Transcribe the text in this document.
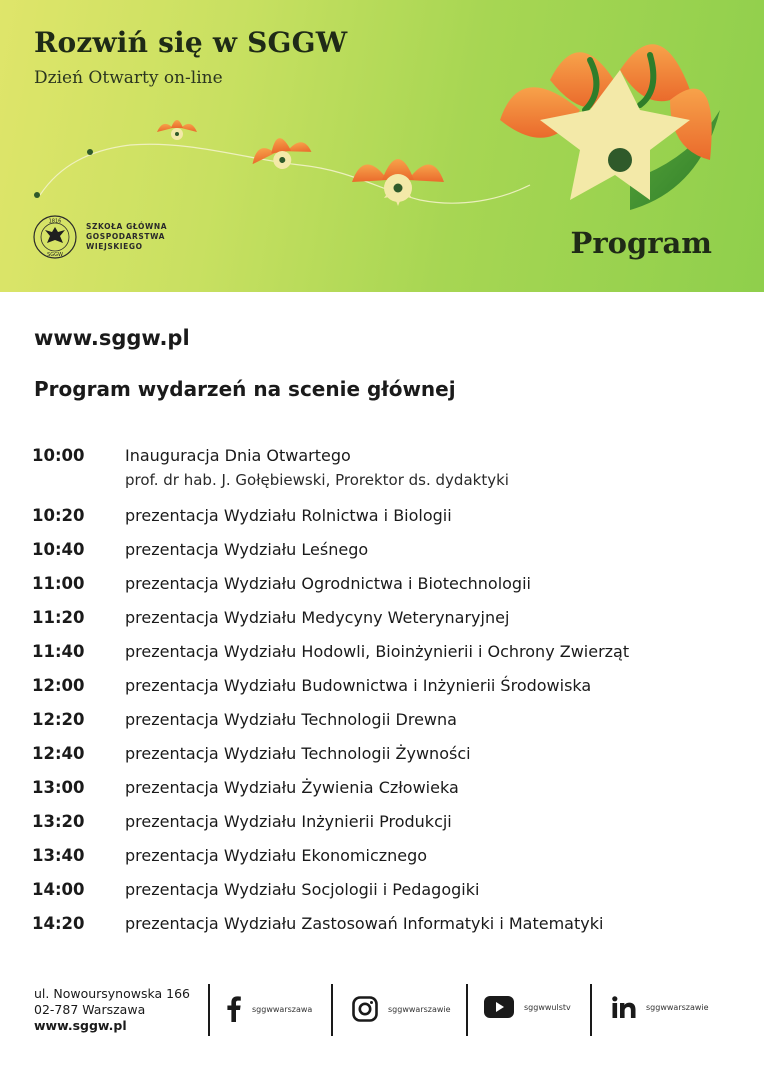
Rozwiń się w SGGW
Dzień Otwarty on-line
Program
1816
SGGW
SZKOŁA GŁÓWNA
GOSPODARSTWA
WIEJSKIEGO
www.sggw.pl
Program wydarzeń na scenie głównej
10:00	Inauguracja Dnia Otwartego
prof. dr hab. J. Gołębiewski, Prorektor ds. dydaktyki
10:20	prezentacja Wydziału Rolnictwa i Biologii
10:40	prezentacja Wydziału Leśnego
11:00	prezentacja Wydziału Ogrodnictwa i Biotechnologii
11:20	prezentacja Wydziału Medycyny Weterynaryjnej
11:40	prezentacja Wydziału Hodowli, Bioinżynierii i Ochrony Zwierząt
12:00	prezentacja Wydziału Budownictwa i Inżynierii Środowiska
12:20	prezentacja Wydziału Technologii Drewna
12:40	prezentacja Wydziału Technologii Żywności
13:00	prezentacja Wydziału Żywienia Człowieka
13:20	prezentacja Wydziału Inżynierii Produkcji
13:40	prezentacja Wydziału Ekonomicznego
14:00	prezentacja Wydziału Socjologii i Pedagogiki
14:20	prezentacja Wydziału Zastosowań Informatyki i Matematyki
ul. Nowoursynowska 166
02-787 Warszawa
www.sggw.pl
sggwwarszawa	sggwwarszawie	sggwwulstv	sggwwarszawie
